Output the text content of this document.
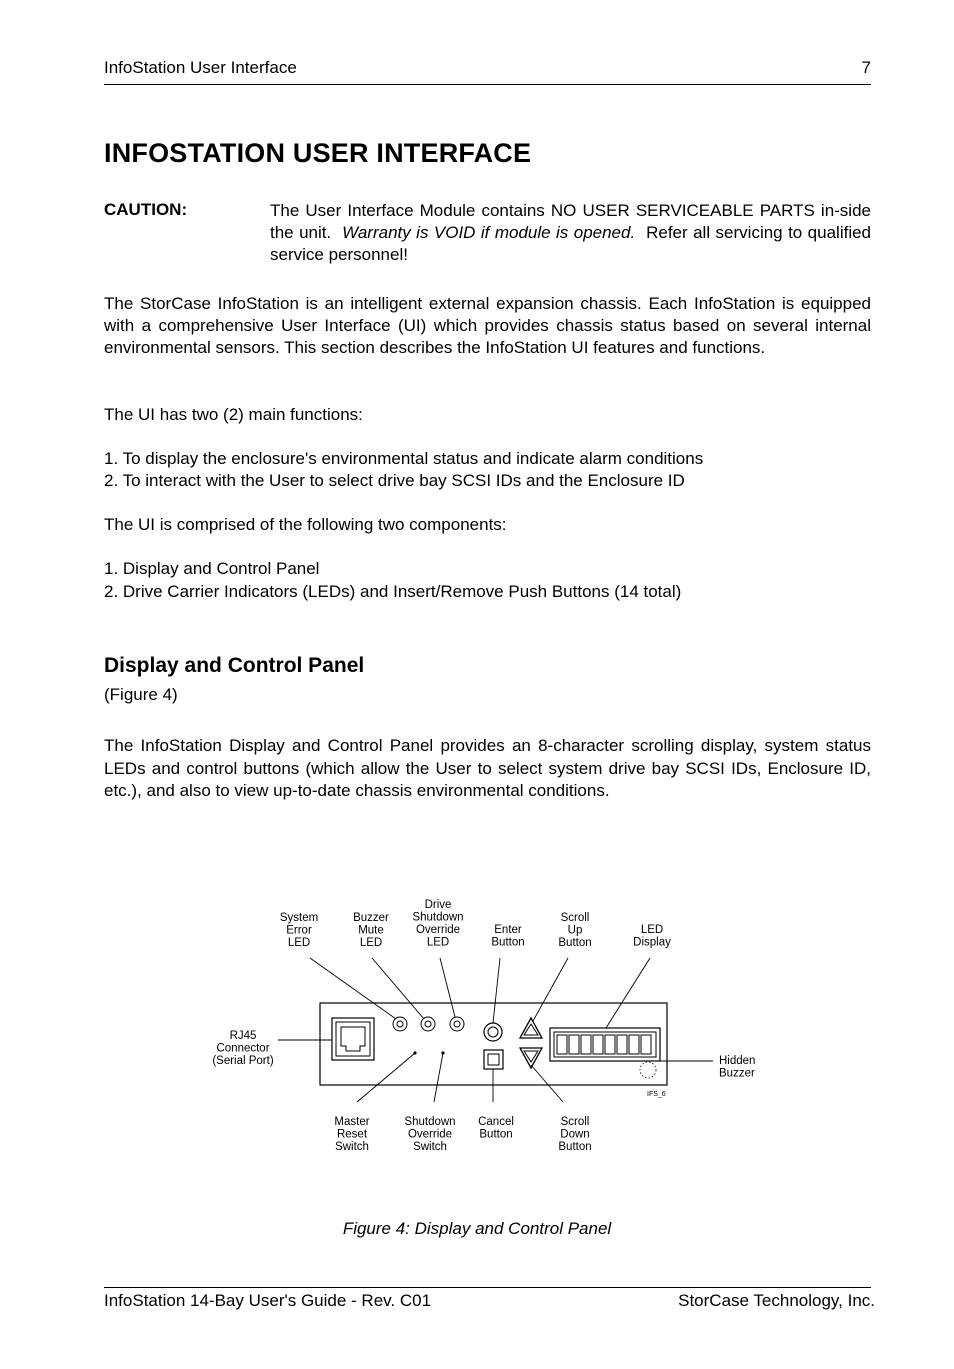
InfoStation User Interface	7
INFOSTATION USER INTERFACE
CAUTION:	The User Interface Module contains NO USER SERVICEABLE PARTS in-side the unit. Warranty is VOID if module is opened. Refer all servicing to qualified service personnel!
The StorCase InfoStation is an intelligent external expansion chassis. Each InfoStation is equipped with a comprehensive User Interface (UI) which provides chassis status based on several internal environmental sensors. This section describes the InfoStation UI features and functions.
The UI has two (2) main functions:
1. To display the enclosure's environmental status and indicate alarm conditions
2. To interact with the User to select drive bay SCSI IDs and the Enclosure ID
The UI is comprised of the following two components:
1. Display and Control Panel
2. Drive Carrier Indicators (LEDs) and Insert/Remove Push Buttons (14 total)
Display and Control Panel
(Figure 4)
The InfoStation Display and Control Panel provides an 8-character scrolling display, system status LEDs and control buttons (which allow the User to select system drive bay SCSI IDs, Enclosure ID, etc.), and also to view up-to-date chassis environmental conditions.
System Error LED
Buzzer Mute LED
Drive Shutdown Override LED
Enter Button
Scroll Up Button
LED Display
RJ45 Connector (Serial Port)
Master Reset Switch
Shutdown Override Switch
Cancel Button
Scroll Down Button
Hidden Buzzer
IFS_6
Figure 4: Display and Control Panel
InfoStation 14-Bay User's Guide - Rev. C01	StorCase Technology, Inc.
